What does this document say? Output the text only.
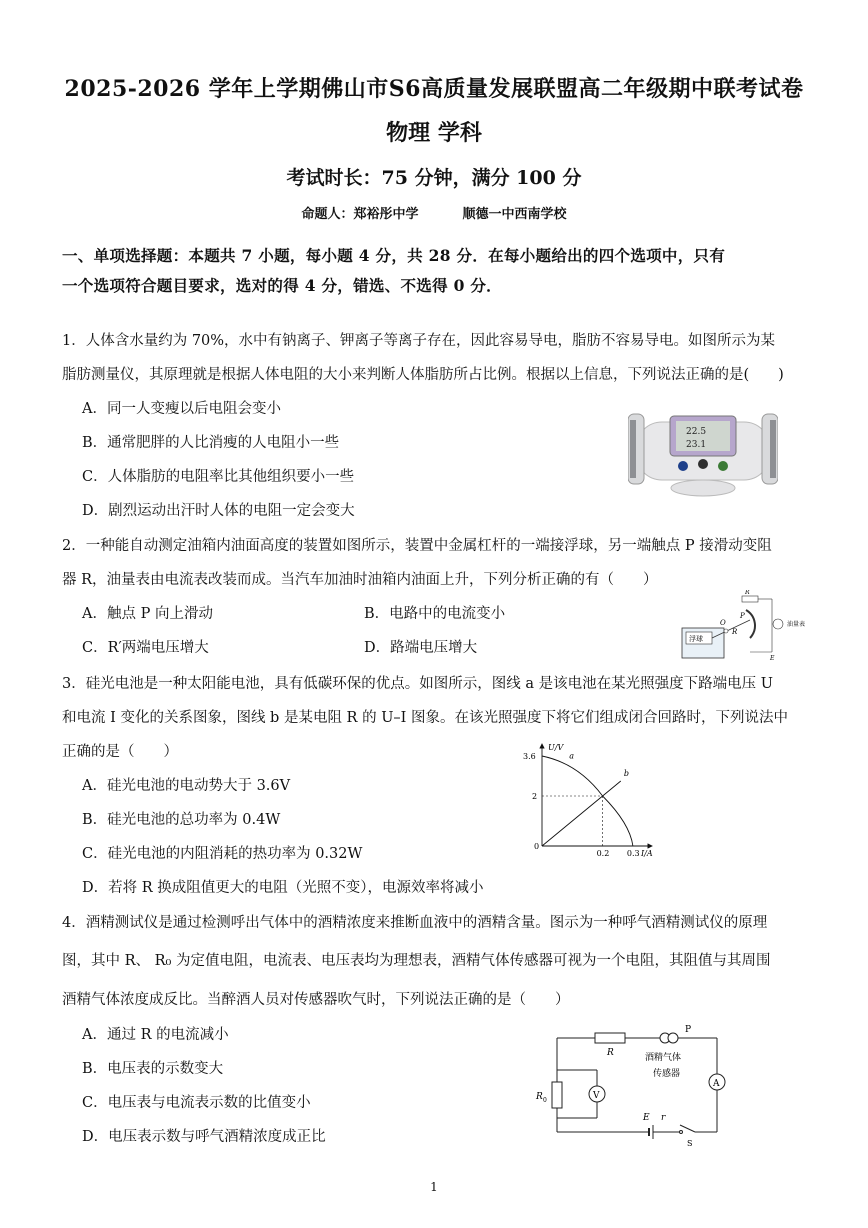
2025-2026 学年上学期佛山市S6高质量发展联盟高二年级期中联考试卷
物理 学科
考试时长：75 分钟，满分 100 分
命题人：郑裕彤中学	顺德一中西南学校
一、单项选择题：本题共 7 小题，每小题 4 分，共 28 分．在每小题给出的四个选项中，只有
一个选项符合题目要求，选对的得 4 分，错选、不选得 0 分．
1．人体含水量约为 70%，水中有钠离子、钾离子等离子存在，因此容易导电，脂肪不容易导电。如图所示为某
脂肪测量仪，其原理就是根据人体电阻的大小来判断人体脂肪所占比例。根据以上信息，下列说法正确的是(　　)
A．同一人变瘦以后电阻会变小
B．通常肥胖的人比消瘦的人电阻小一些
C．人体脂肪的电阻率比其他组织要小一些
D．剧烈运动出汗时人体的电阻一定会变大
22.5
23.1
2．一种能自动测定油箱内油面高度的装置如图所示，装置中金属杠杆的一端接浮球，另一端触点 P 接滑动变阻
器 R，油量表由电流表改装而成。当汽车加油时油箱内油面上升，下列分析正确的有（　　）
A．触点 P 向上滑动	B．电路中的电流变小
C．R′两端电压增大	D．路端电压增大
浮球
O
P
R
R′
油量表
E
3．硅光电池是一种太阳能电池，具有低碳环保的优点。如图所示，图线 a 是该电池在某光照强度下路端电压 U
和电流 I 变化的关系图象，图线 b 是某电阻 R 的 U–I 图象。在该光照强度下将它们组成闭合回路时，下列说法中
正确的是（　　）
A．硅光电池的电动势大于 3.6V
B．硅光电池的总功率为 0.4W
C．硅光电池的内阻消耗的热功率为 0.32W
D．若将 R 换成阻值更大的电阻（光照不变），电源效率将减小
U/V
I/A
0
a
b
3.6
2
0.2 0.3
4．酒精测试仪是通过检测呼出气体中的酒精浓度来推断血液中的酒精含量。图示为一种呼气酒精测试仪的原理
图，其中 R、 R₀ 为定值电阻，电流表、电压表均为理想表，酒精气体传感器可视为一个电阻，其阻值与其周围
酒精气体浓度成反比。当醉酒人员对传感器吹气时，下列说法正确的是（　　）
A．通过 R 的电流减小
B．电压表的示数变大
C．电压表与电流表示数的比值变小
D．电压表示数与呼气酒精浓度成正比
P
R	酒精气体
传感器
A
V
R 0
E r
S
1
